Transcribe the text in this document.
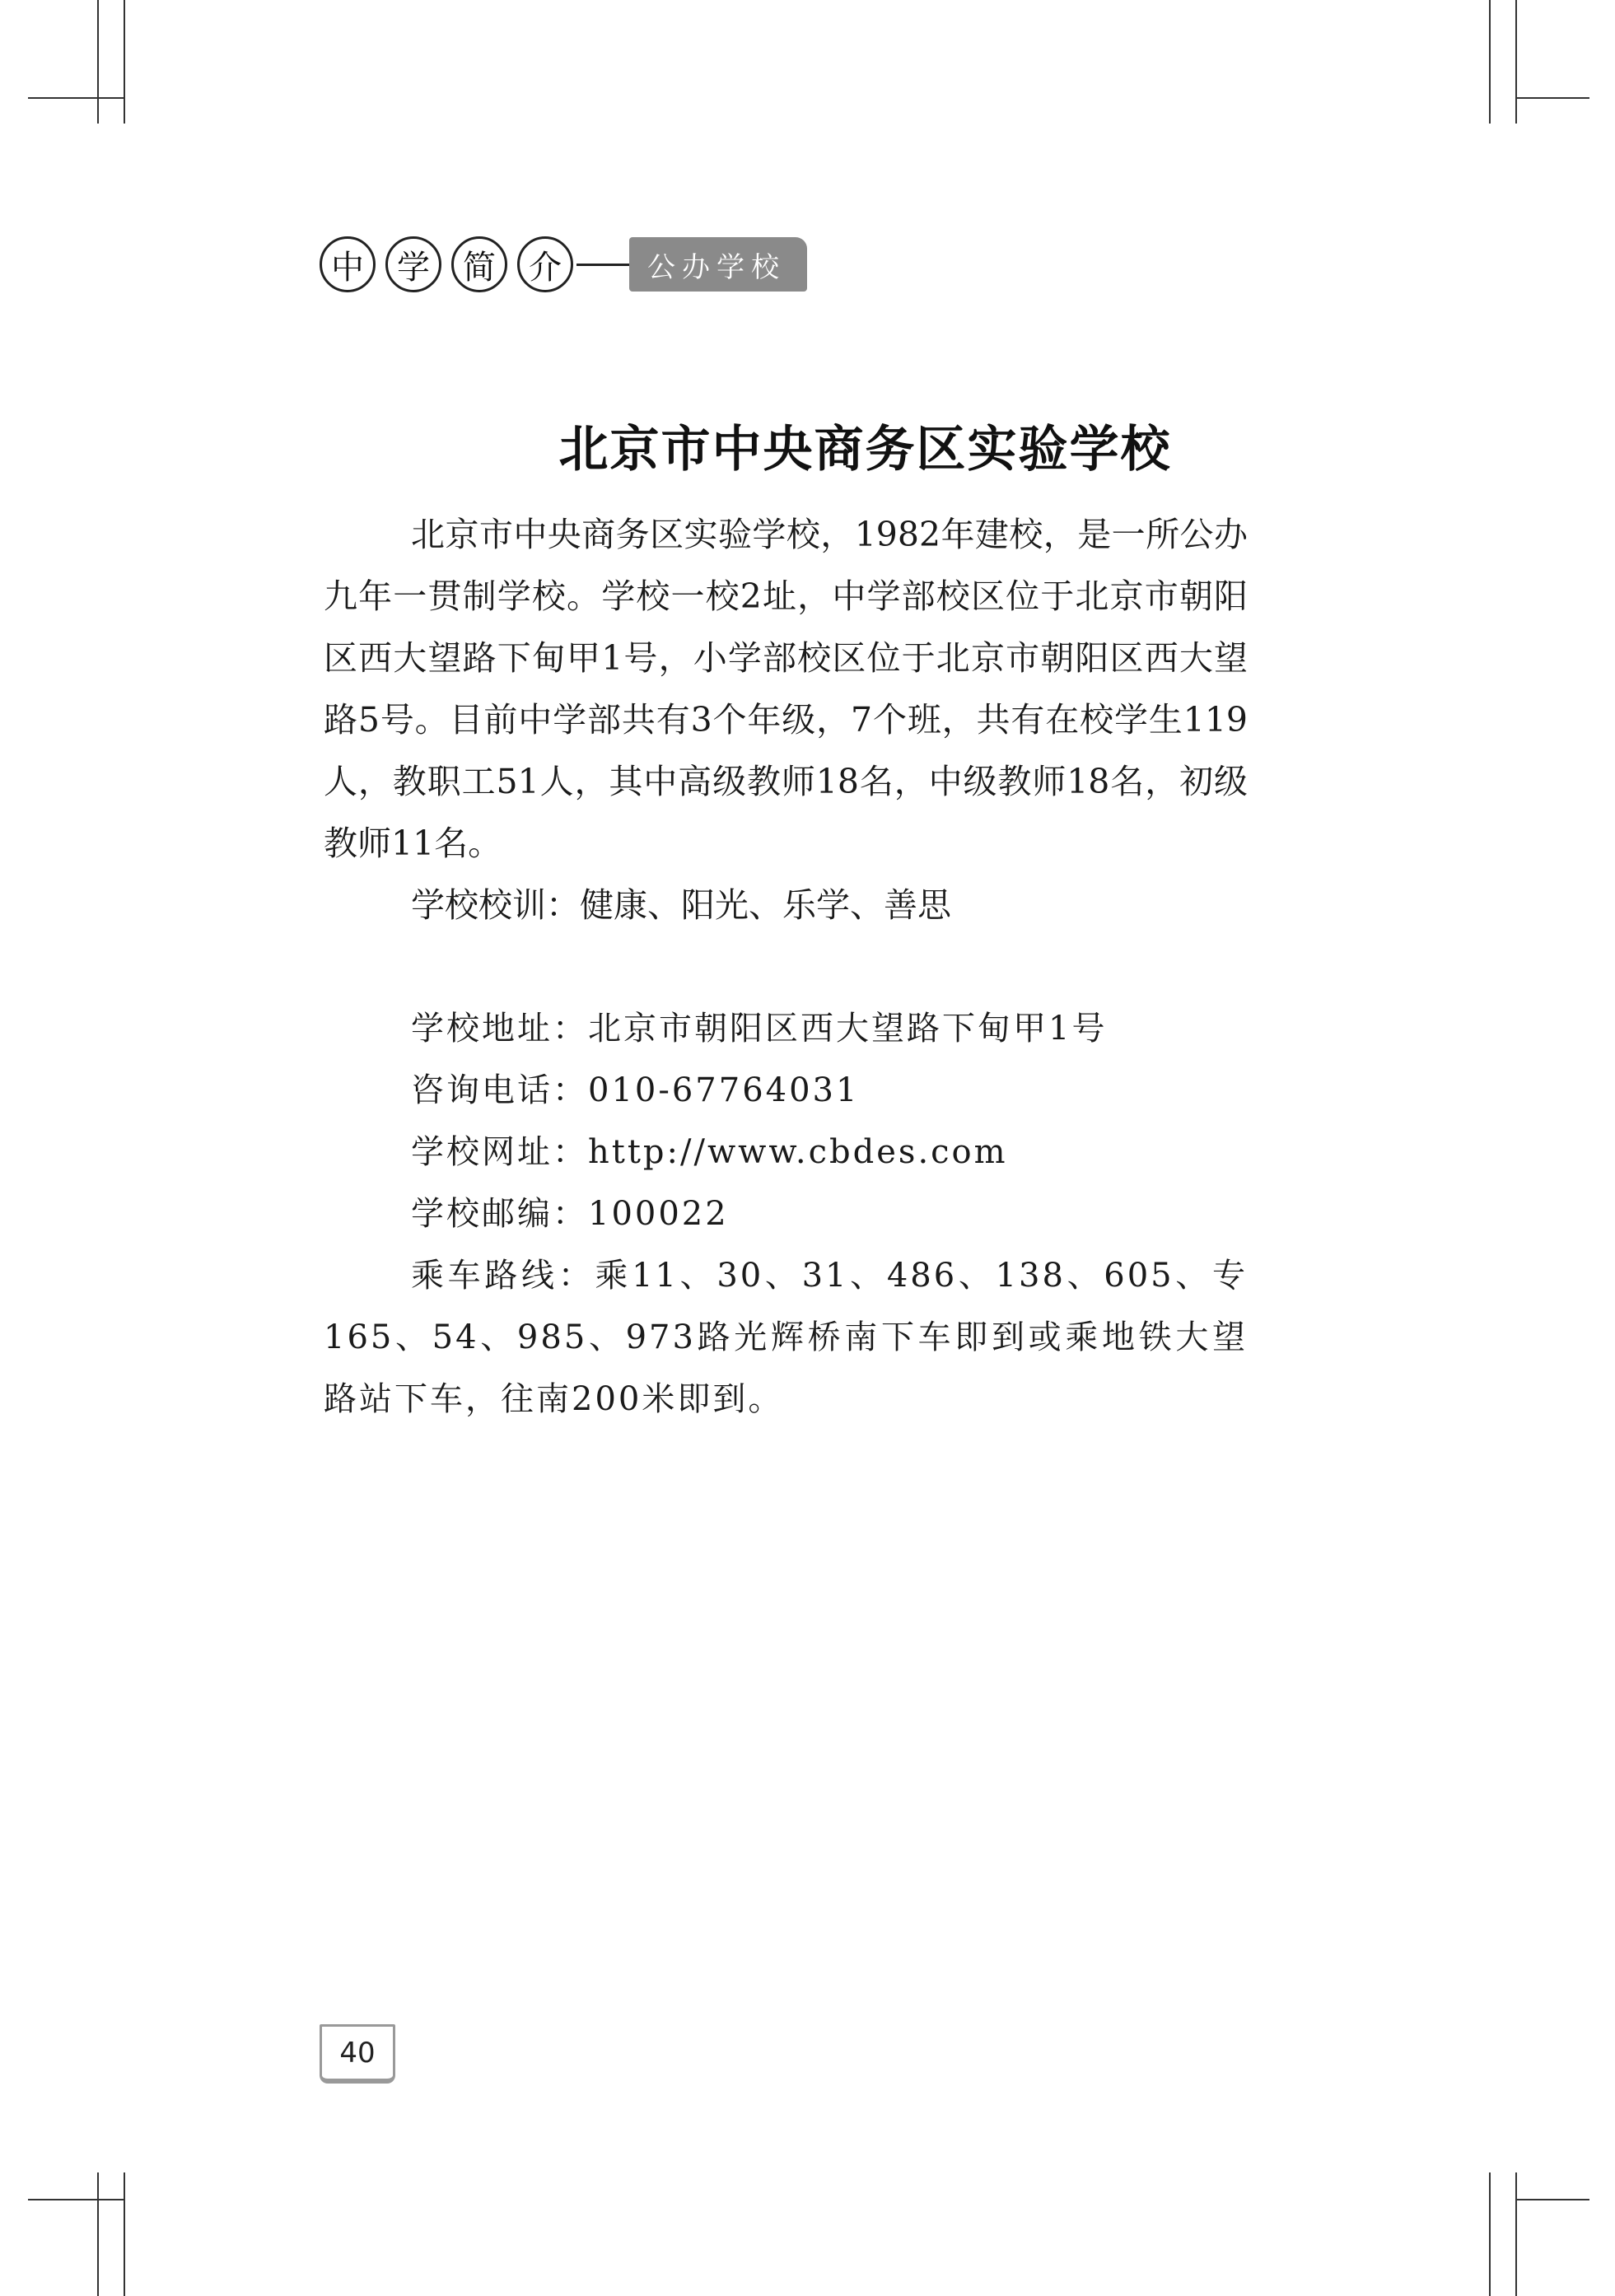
中	学	简	介	公办学校
北京市中央商务区实验学校
北京市中央商务区实验学校，1982年建校，是一所公办九年一贯制学校。学校一校2址，中学部校区位于北京市朝阳区西大望路下甸甲1号，小学部校区位于北京市朝阳区西大望路5号。目前中学部共有3个年级，7个班，共有在校学生119人，教职工51人，其中高级教师18名，中级教师18名，初级教师11名。
学校校训：健康、阳光、乐学、善思
学校地址：北京市朝阳区西大望路下甸甲1号
咨询电话：010-67764031
学校网址：http://www.cbdes.com
学校邮编：100022
乘车路线：乘11、30、31、486、138、605、专165、54、985、973路光辉桥南下车即到或乘地铁大望路站下车，往南200米即到。
40
